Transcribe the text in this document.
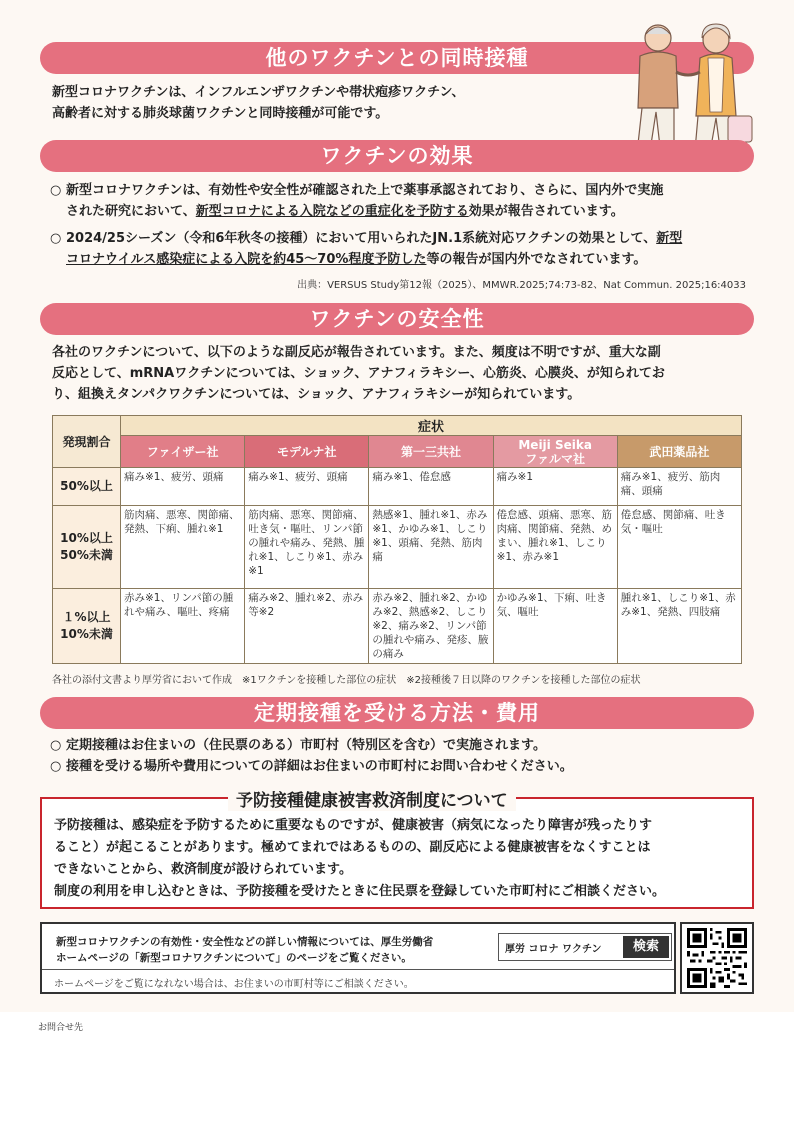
他のワクチンとの同時接種
新型コロナワクチンは、インフルエンザワクチンや帯状疱疹ワクチン、
高齢者に対する肺炎球菌ワクチンと同時接種が可能です。
ワクチンの効果
○ 新型コロナワクチンは、有効性や安全性が確認された上で薬事承認されており、さらに、国内外で実施
された研究において、新型コロナによる入院などの重症化を予防する効果が報告されています。
○ 2024/25シーズン（令和6年秋冬の接種）において用いられたJN.1系統対応ワクチンの効果として、新型
コロナウイルス感染症による入院を約45～70%程度予防した等の報告が国内外でなされています。
出典：VERSUS Study第12報（2025）、MMWR.2025;74:73-82、Nat Commun. 2025;16:4033
ワクチンの安全性
各社のワクチンについて、以下のような副反応が報告されています。また、頻度は不明ですが、重大な副
反応として、mRNAワクチンについては、ショック、アナフィラキシー、心筋炎、心膜炎、が知られてお
り、組換えタンパクワクチンについては、ショック、アナフィラキシーが知られています。
発現割合	症状				
	ファイザー社	モデルナ社	第一三共社	Meiji Seika
ファルマ社	武田薬品社

50%以上	痛み※1、疲労、頭痛	痛み※1、疲労、頭痛	痛み※1、倦怠感	痛み※1	痛み※1、疲労、筋肉痛、頭痛

10%以上
50%未満	筋肉痛、悪寒、関節痛、発熱、下痢、腫れ※1	筋肉痛、悪寒、関節痛、吐き気・嘔吐、リンパ節の腫れや痛み、発熱、腫れ※1、しこり※1、赤み※1	熱感※1、腫れ※1、赤み※1、かゆみ※1、しこり※1、頭痛、発熱、筋肉痛	倦怠感、頭痛、悪寒、筋肉痛、関節痛、発熱、めまい、腫れ※1、しこり※1、赤み※1	倦怠感、関節痛、吐き気・嘔吐

１%以上
10%未満	赤み※1、リンパ節の腫れや痛み、嘔吐、疼痛	痛み※2、腫れ※2、赤み等※2	赤み※2、腫れ※2、かゆみ※2、熱感※2、しこり※2、痛み※2、リンパ節の腫れや痛み、発疹、腋の痛み	かゆみ※1、下痢、吐き気、嘔吐	腫れ※1、しこり※1、赤み※1、発熱、四肢痛
各社の添付文書より厚労省において作成　※1ワクチンを接種した部位の症状　※2接種後７日以降のワクチンを接種した部位の症状
定期接種を受ける方法・費用
○ 定期接種はお住まいの（住民票のある）市町村（特別区を含む）で実施されます。
○ 接種を受ける場所や費用についての詳細はお住まいの市町村にお問い合わせください。
予防接種健康被害救済制度について
予防接種は、感染症を予防するために重要なものですが、健康被害（病気になったり障害が残ったりす
ること）が起こることがあります。極めてまれではあるものの、副反応による健康被害をなくすことは
できないことから、救済制度が設けられています。
制度の利用を申し込むときは、予防接種を受けたときに住民票を登録していた市町村にご相談ください。
新型コロナワクチンの有効性・安全性などの詳しい情報については、厚生労働省
ホームページの「新型コロナワクチンについて」のページをご覧ください。
厚労 コロナ ワクチン	検索
ホームページをご覧になれない場合は、お住まいの市町村等にご相談ください。
お問合せ先
